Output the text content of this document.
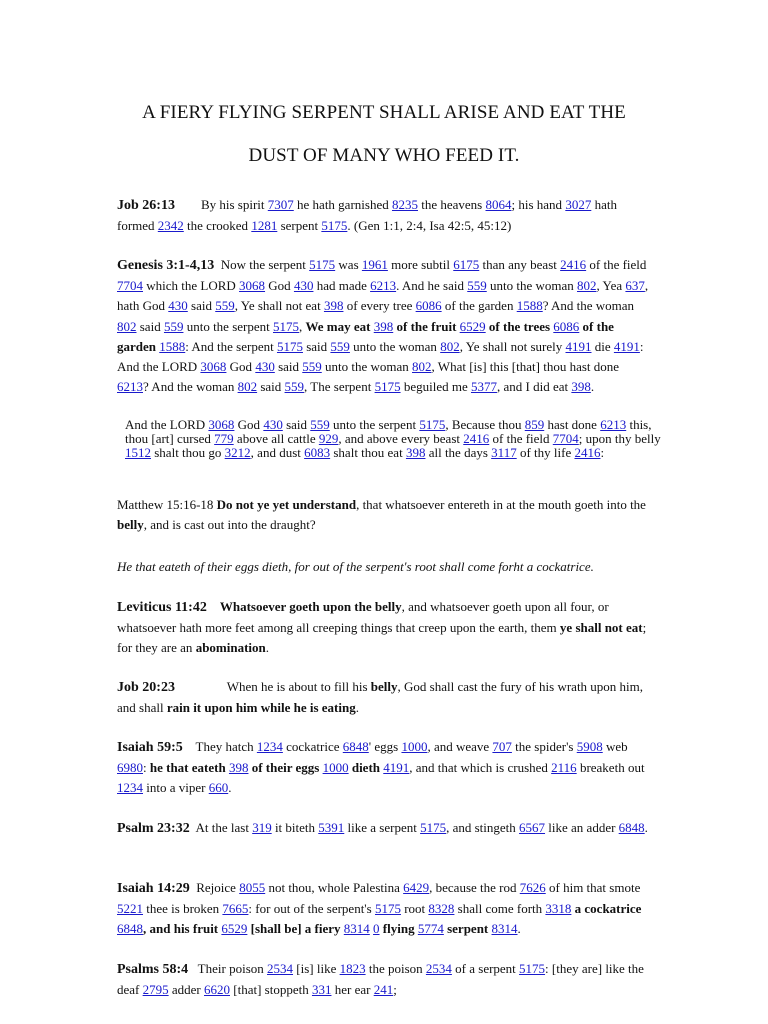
A FIERY FLYING SERPENT SHALL ARISE AND EAT THE
DUST OF MANY WHO FEED IT.
Job 26:13        By his spirit 7307 he hath garnished 8235 the heavens 8064; his hand 3027 hath formed 2342 the crooked 1281 serpent 5175. (Gen 1:1, 2:4, Isa 42:5, 45:12)
Genesis 3:1-4,13  Now the serpent 5175 was 1961 more subtil 6175 than any beast 2416 of the field 7704 which the LORD 3068 God 430 had made 6213. And he said 559 unto the woman 802, Yea 637, hath God 430 said 559, Ye shall not eat 398 of every tree 6086 of the garden 1588? And the woman 802 said 559 unto the serpent 5175, We may eat 398 of the fruit 6529 of the trees 6086 of the garden 1588: And the serpent 5175 said 559 unto the woman 802, Ye shall not surely 4191 die 4191: And the LORD 3068 God 430 said 559 unto the woman 802, What [is] this [that] thou hast done 6213? And the woman 802 said 559, The serpent 5175 beguiled me 5377, and I did eat 398.
And the LORD 3068 God 430 said 559 unto the serpent 5175, Because thou 859 hast done 6213 this, thou [art] cursed 779 above all cattle 929, and above every beast 2416 of the field 7704; upon thy belly 1512 shalt thou go 3212, and dust 6083 shalt thou eat 398 all the days 3117 of thy life 2416:
Matthew 15:16-18 Do not ye yet understand, that whatsoever entereth in at the mouth goeth into the belly, and is cast out into the draught?
He that eateth of their eggs dieth, for out of the serpent's root shall come forht a cockatrice.
Leviticus 11:42 Whatsoever goeth upon the belly, and whatsoever goeth upon all four, or whatsoever hath more feet among all creeping things that creep upon the earth, them ye shall not eat; for they are an abomination.
Job 20:23                When he is about to fill his belly, God shall cast the fury of his wrath upon him, and shall rain it upon him while he is eating.
Isaiah 59:5    They hatch 1234 cockatrice 6848' eggs 1000, and weave 707 the spider's 5908 web 6980: he that eateth 398 of their eggs 1000 dieth 4191, and that which is crushed 2116 breaketh out 1234 into a viper 660.
Psalm 23:32  At the last 319 it biteth 5391 like a serpent 5175, and stingeth 6567 like an adder 6848.
Isaiah 14:29  Rejoice 8055 not thou, whole Palestina 6429, because the rod 7626 of him that smote 5221 thee is broken 7665: for out of the serpent's 5175 root 8328 shall come forth 3318 a cockatrice 6848, and his fruit 6529 [shall be] a fiery 8314 0 flying 5774 serpent 8314.
Psalms 58:4   Their poison 2534 [is] like 1823 the poison 2534 of a serpent 5175: [they are] like the deaf 2795 adder 6620 [that] stoppeth 331 her ear 241;
